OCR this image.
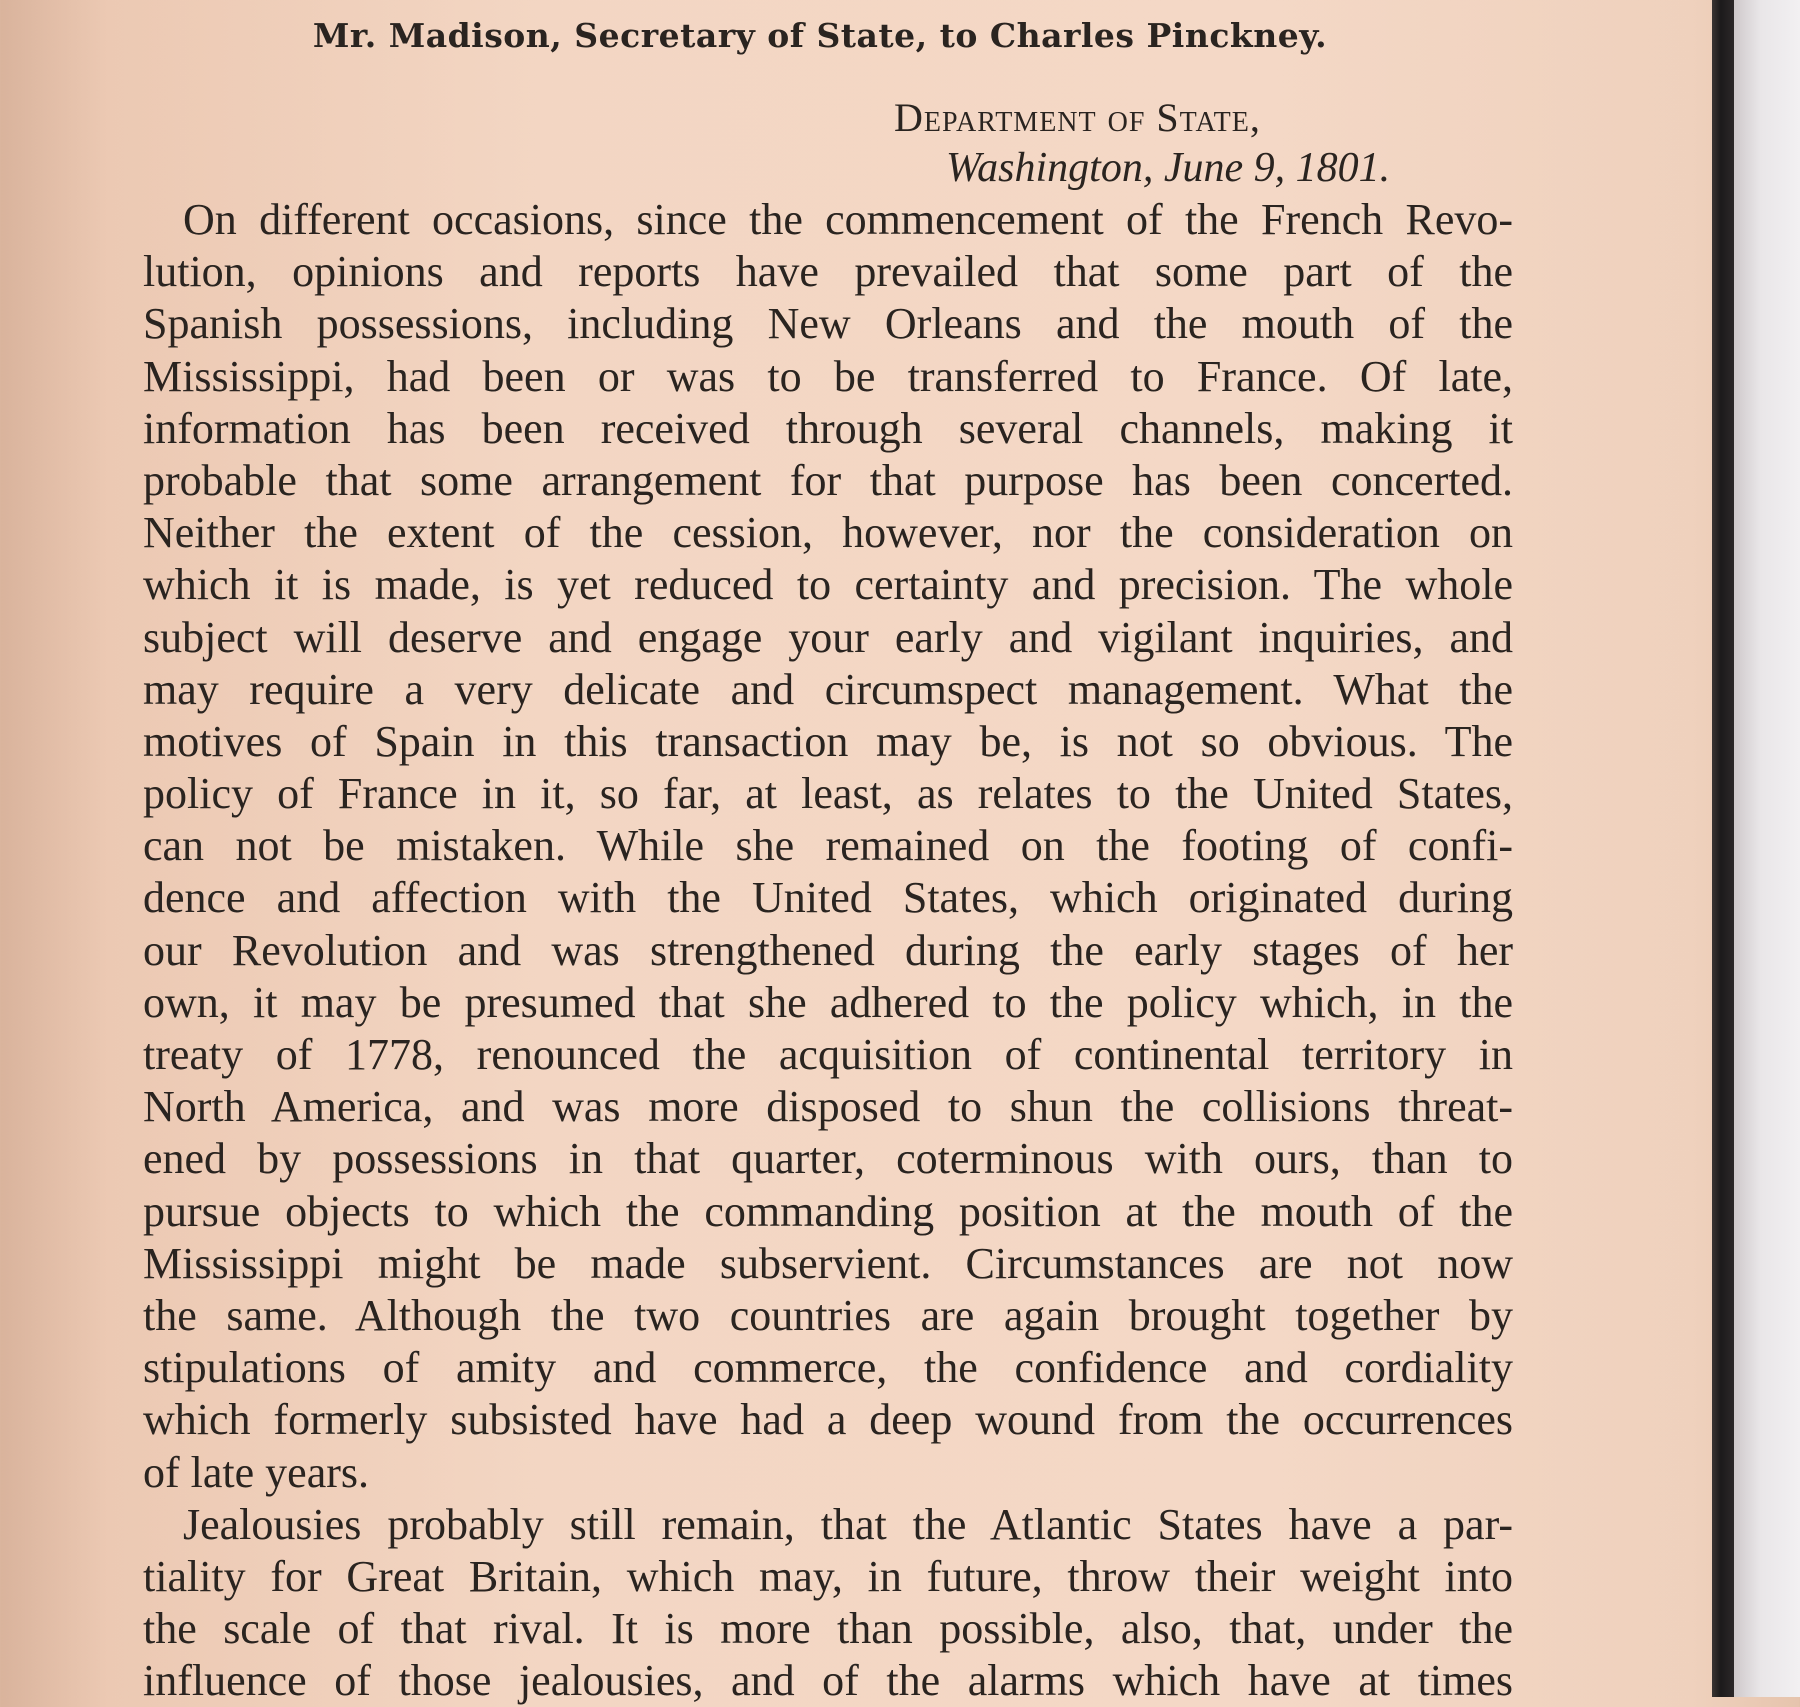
Mr. Madison, Secretary of State, to Charles Pinckney.
Department of State,
Washington, June 9, 1801.
On different occasions, since the commencement of the French Revo-
lution, opinions and reports have prevailed that some part of the
Spanish possessions, including New Orleans and the mouth of the
Mississippi, had been or was to be transferred to France. Of late,
information has been received through several channels, making it
probable that some arrangement for that purpose has been concerted.
Neither the extent of the cession, however, nor the consideration on
which it is made, is yet reduced to certainty and precision. The whole
subject will deserve and engage your early and vigilant inquiries, and
may require a very delicate and circumspect management. What the
motives of Spain in this transaction may be, is not so obvious. The
policy of France in it, so far, at least, as relates to the United States,
can not be mistaken. While she remained on the footing of confi-
dence and affection with the United States, which originated during
our Revolution and was strengthened during the early stages of her
own, it may be presumed that she adhered to the policy which, in the
treaty of 1778, renounced the acquisition of continental territory in
North America, and was more disposed to shun the collisions threat-
ened by possessions in that quarter, coterminous with ours, than to
pursue objects to which the commanding position at the mouth of the
Mississippi might be made subservient. Circumstances are not now
the same. Although the two countries are again brought together by
stipulations of amity and commerce, the confidence and cordiality
which formerly subsisted have had a deep wound from the occurrences
of late years.
Jealousies probably still remain, that the Atlantic States have a par-
tiality for Great Britain, which may, in future, throw their weight into
the scale of that rival. It is more than possible, also, that, under the
influence of those jealousies, and of the alarms which have at times
